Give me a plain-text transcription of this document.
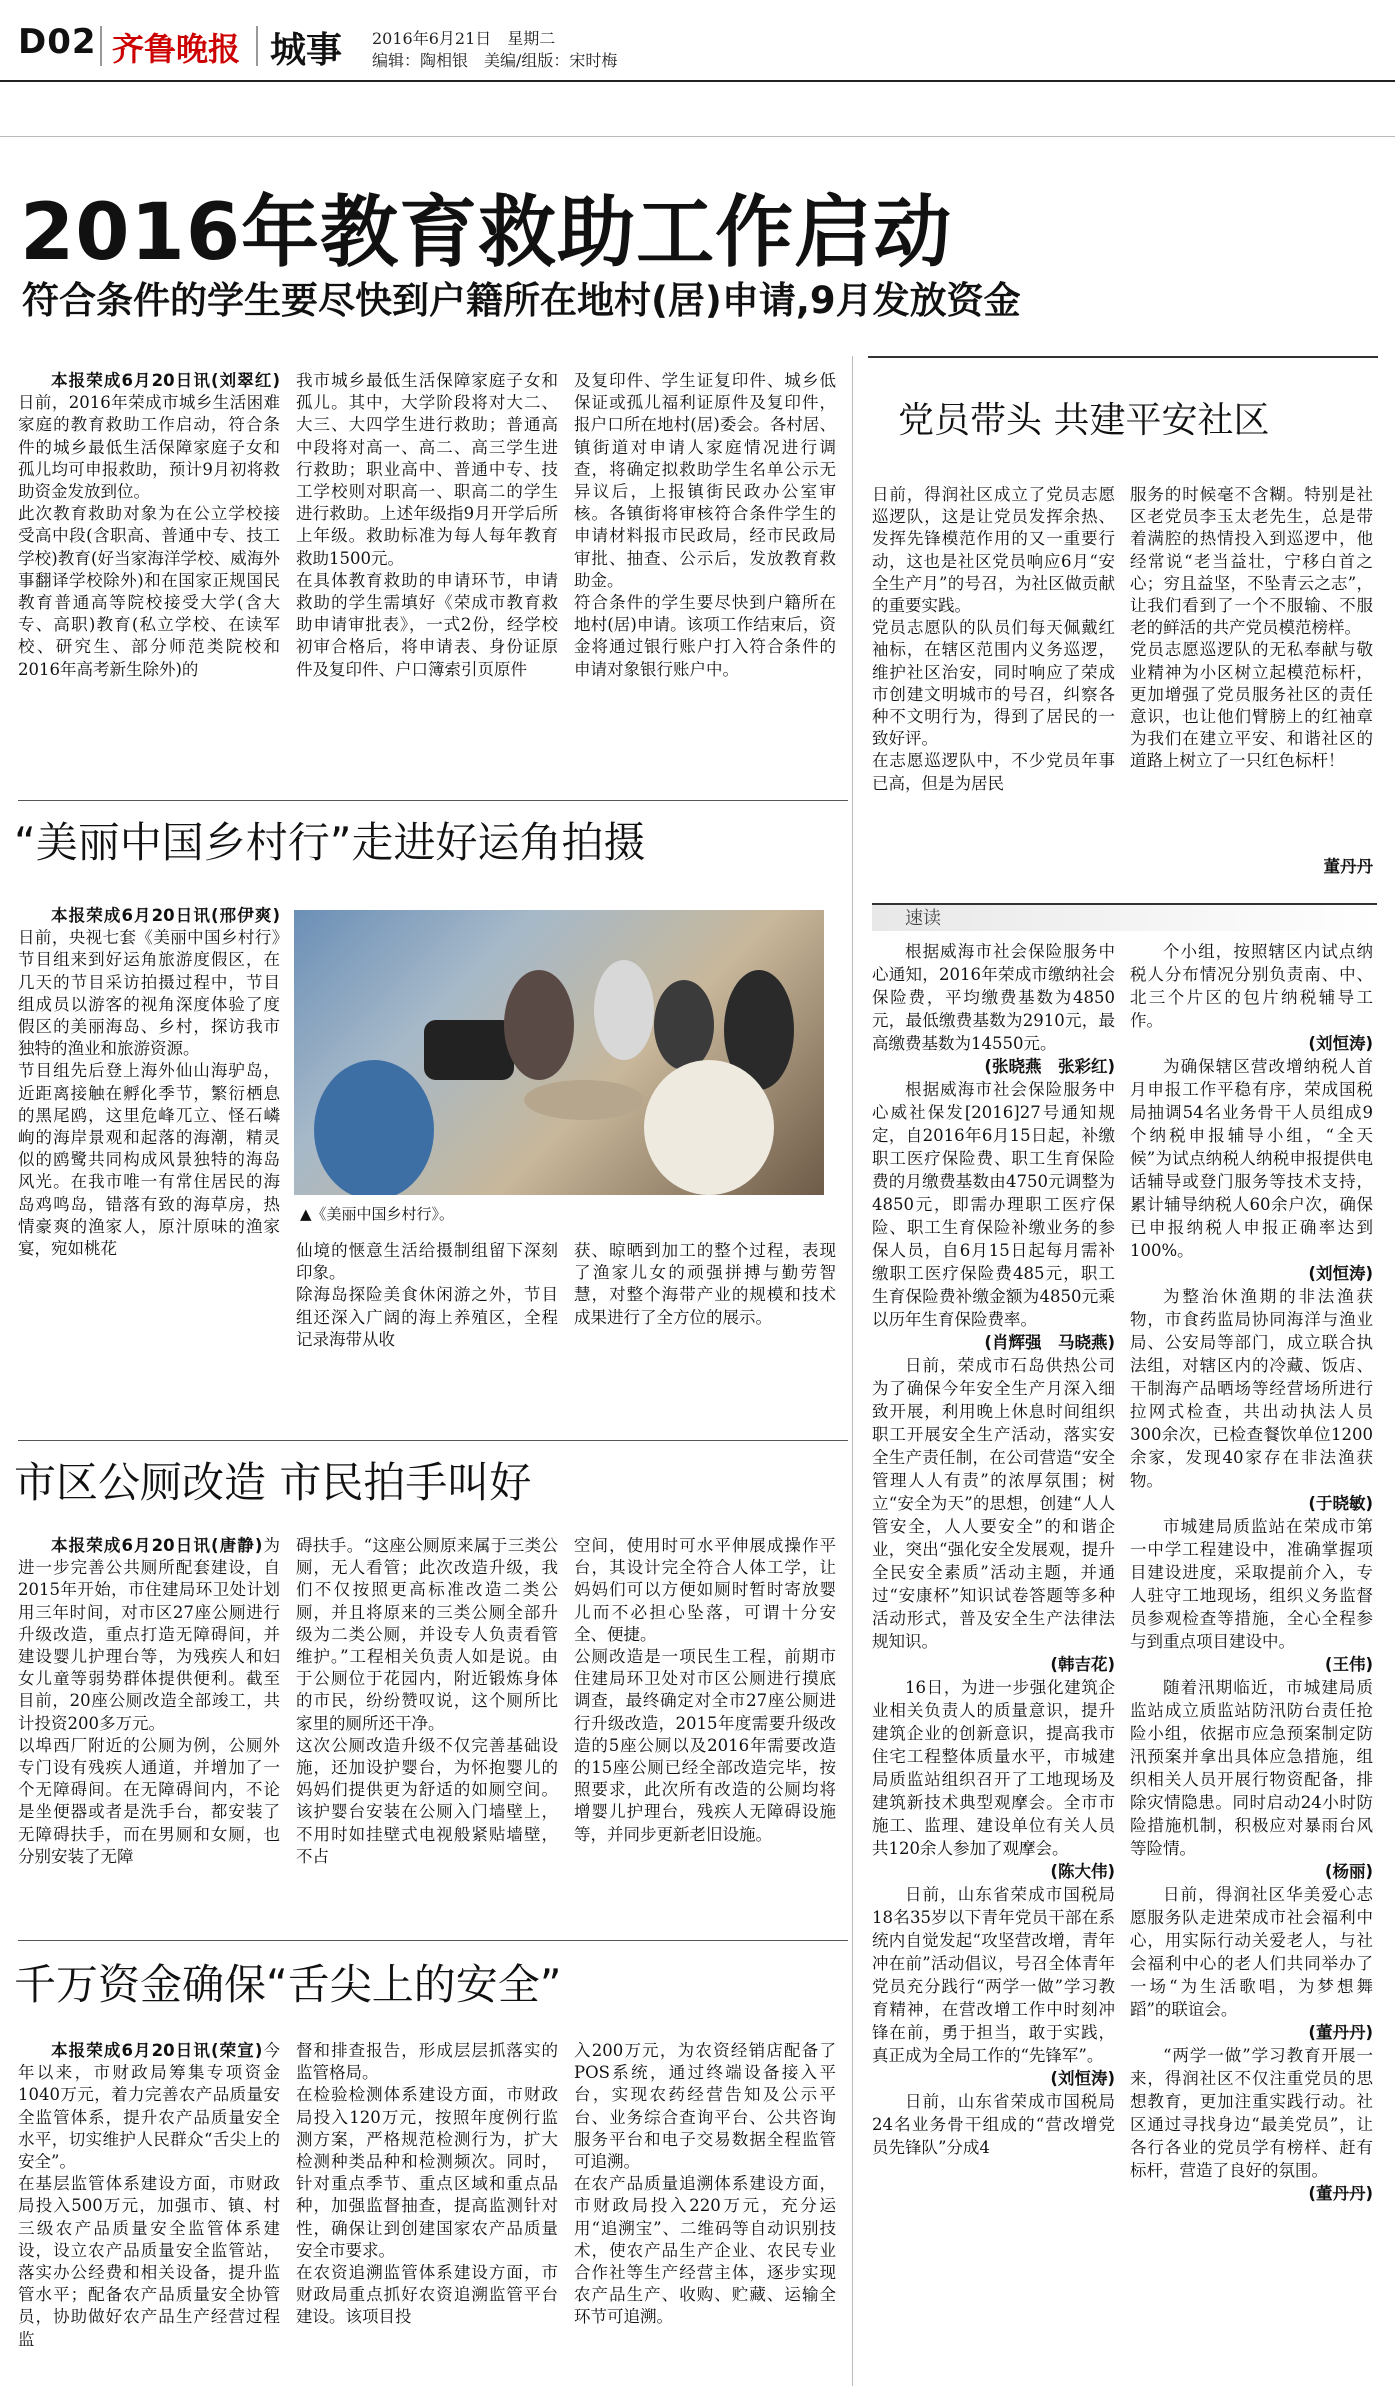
D02 齐鲁晚报 城事 2016年6月21日　星期二
编辑：陶相银　美编/组版：宋时梅
2016年教育救助工作启动
符合条件的学生要尽快到户籍所在地村(居)申请,9月发放资金
本报荣成6月20日讯(刘翠红)日前，2016年荣成市城乡生活困难家庭的教育救助工作启动，符合条件的城乡最低生活保障家庭子女和孤儿均可申报救助，预计9月初将救助资金发放到位。
此次教育救助对象为在公立学校接受高中段(含职高、普通中专、技工学校)教育(好当家海洋学校、威海外事翻译学校除外)和在国家正规国民教育普通高等院校接受大学(含大专、高职)教育(私立学校、在读军校、研究生、部分师范类院校和2016年高考新生除外)的
我市城乡最低生活保障家庭子女和孤儿。其中，大学阶段将对大二、大三、大四学生进行救助；普通高中段将对高一、高二、高三学生进行救助；职业高中、普通中专、技工学校则对职高一、职高二的学生进行救助。上述年级指9月开学后所上年级。救助标准为每人每年教育救助1500元。
在具体教育救助的申请环节，申请救助的学生需填好《荣成市教育救助申请审批表》，一式2份，经学校初审合格后，将申请表、身份证原件及复印件、户口簿索引页原件
及复印件、学生证复印件、城乡低保证或孤儿福利证原件及复印件，报户口所在地村(居)委会。各村居、镇街道对申请人家庭情况进行调查，将确定拟救助学生名单公示无异议后，上报镇街民政办公室审核。各镇街将审核符合条件学生的申请材料报市民政局，经市民政局审批、抽查、公示后，发放教育救助金。
符合条件的学生要尽快到户籍所在地村(居)申请。该项工作结束后，资金将通过银行账户打入符合条件的申请对象银行账户中。
党员带头 共建平安社区
日前，得润社区成立了党员志愿巡逻队，这是让党员发挥余热、发挥先锋模范作用的又一重要行动，这也是社区党员响应6月“安全生产月”的号召，为社区做贡献的重要实践。
党员志愿队的队员们每天佩戴红袖标，在辖区范围内义务巡逻，维护社区治安，同时响应了荣成市创建文明城市的号召，纠察各种不文明行为，得到了居民的一致好评。
在志愿巡逻队中，不少党员年事已高，但是为居民
服务的时候毫不含糊。特别是社区老党员李玉太老先生，总是带着满腔的热情投入到巡逻中，他经常说“老当益壮，宁移白首之心；穷且益坚，不坠青云之志”，让我们看到了一个不服输、不服老的鲜活的共产党员模范榜样。
党员志愿巡逻队的无私奉献与敬业精神为小区树立起模范标杆，更加增强了党员服务社区的责任意识，也让他们臂膀上的红袖章为我们在建立平安、和谐社区的道路上树立了一只红色标杆！
董丹丹
“美丽中国乡村行”走进好运角拍摄
本报荣成6月20日讯(邢伊爽)日前，央视七套《美丽中国乡村行》节目组来到好运角旅游度假区，在几天的节目采访拍摄过程中，节目组成员以游客的视角深度体验了度假区的美丽海岛、乡村，探访我市独特的渔业和旅游资源。
节目组先后登上海外仙山海驴岛，近距离接触在孵化季节，繁衍栖息的黑尾鸥，这里危峰兀立、怪石嶙峋的海岸景观和起落的海潮，精灵似的鸥鹭共同构成风景独特的海岛风光。在我市唯一有常住居民的海岛鸡鸣岛，错落有致的海草房，热情豪爽的渔家人，原汁原味的渔家宴，宛如桃花
▲《美丽中国乡村行》。
仙境的惬意生活给摄制组留下深刻印象。
除海岛探险美食休闲游之外，节目组还深入广阔的海上养殖区，全程记录海带从收
获、晾晒到加工的整个过程，表现了渔家儿女的顽强拼搏与勤劳智慧，对整个海带产业的规模和技术成果进行了全方位的展示。
市区公厕改造 市民拍手叫好
本报荣成6月20日讯(唐静)为进一步完善公共厕所配套建设，自2015年开始，市住建局环卫处计划用三年时间，对市区27座公厕进行升级改造，重点打造无障碍间，并建设婴儿护理台等，为残疾人和妇女儿童等弱势群体提供便利。截至目前，20座公厕改造全部竣工，共计投资200多万元。
以埠西厂附近的公厕为例，公厕外专门设有残疾人通道，并增加了一个无障碍间。在无障碍间内，不论是坐便器或者是洗手台，都安装了无障碍扶手，而在男厕和女厕，也分别安装了无障
碍扶手。“这座公厕原来属于三类公厕，无人看管；此次改造升级，我们不仅按照更高标准改造二类公厕，并且将原来的三类公厕全部升级为二类公厕，并设专人负责看管维护。”工程相关负责人如是说。由于公厕位于花园内，附近锻炼身体的市民，纷纷赞叹说，这个厕所比家里的厕所还干净。
这次公厕改造升级不仅完善基础设施，还加设护婴台，为怀抱婴儿的妈妈们提供更为舒适的如厕空间。该护婴台安装在公厕入门墙壁上，不用时如挂壁式电视般紧贴墙壁，不占
空间，使用时可水平伸展成操作平台，其设计完全符合人体工学，让妈妈们可以方便如厕时暂时寄放婴儿而不必担心坠落，可谓十分安全、便捷。
公厕改造是一项民生工程，前期市住建局环卫处对市区公厕进行摸底调查，最终确定对全市27座公厕进行升级改造，2015年度需要升级改造的5座公厕以及2016年需要改造的15座公厕已经全部改造完毕，按照要求，此次所有改造的公厕均将增婴儿护理台，残疾人无障碍设施等，并同步更新老旧设施。
千万资金确保“舌尖上的安全”
本报荣成6月20日讯(荣宣)今年以来，市财政局筹集专项资金1040万元，着力完善农产品质量安全监管体系，提升农产品质量安全水平，切实维护人民群众“舌尖上的安全”。
在基层监管体系建设方面，市财政局投入500万元，加强市、镇、村三级农产品质量安全监管体系建设，设立农产品质量安全监管站，落实办公经费和相关设备，提升监管水平；配备农产品质量安全协管员，协助做好农产品生产经营过程监
督和排查报告，形成层层抓落实的监管格局。
在检验检测体系建设方面，市财政局投入120万元，按照年度例行监测方案，严格规范检测行为，扩大检测种类品种和检测频次。同时，针对重点季节、重点区域和重点品种，加强监督抽查，提高监测针对性，确保让到创建国家农产品质量安全市要求。
在农资追溯监管体系建设方面，市财政局重点抓好农资追溯监管平台建设。该项目投
入200万元，为农资经销店配备了POS系统，通过终端设备接入平台，实现农药经营告知及公示平台、业务综合查询平台、公共咨询服务平台和电子交易数据全程监管可追溯。
在农产品质量追溯体系建设方面，市财政局投入220万元，充分运用“追溯宝”、二维码等自动识别技术，使农产品生产企业、农民专业合作社等生产经营主体，逐步实现农产品生产、收购、贮藏、运输全环节可追溯。
速读

根据威海市社会保险服务中心通知，2016年荣成市缴纳社会保险费，平均缴费基数为4850元，最低缴费基数为2910元，最高缴费基数为14550元。

(张晓燕　张彩红)

根据威海市社会保险服务中心威社保发[2016]27号通知规定，自2016年6月15日起，补缴职工医疗保险费、职工生育保险费的月缴费基数由4750元调整为4850元，即需办理职工医疗保险、职工生育保险补缴业务的参保人员，自6月15日起每月需补缴职工医疗保险费485元，职工生育保险费补缴金额为4850元乘以历年生育保险费率。

(肖辉强　马晓燕)

日前，荣成市石岛供热公司为了确保今年安全生产月深入细致开展，利用晚上休息时间组织职工开展安全生产活动，落实安全生产责任制，在公司营造“安全管理人人有责”的浓厚氛围；树立“安全为天”的思想，创建“人人管安全，人人要安全”的和谐企业，突出“强化安全发展观，提升全民安全素质”活动主题，并通过“安康杯”知识试卷答题等多种活动形式，普及安全生产法律法规知识。

(韩吉花)

16日，为进一步强化建筑企业相关负责人的质量意识，提升建筑企业的创新意识，提高我市住宅工程整体质量水平，市城建局质监站组织召开了工地现场及建筑新技术典型观摩会。全市市施工、监理、建设单位有关人员共120余人参加了观摩会。

(陈大伟)

日前，山东省荣成市国税局18名35岁以下青年党员干部在系统内自觉发起“攻坚营改增，青年冲在前”活动倡议，号召全体青年党员充分践行“两学一做”学习教育精神，在营改增工作中时刻冲锋在前，勇于担当，敢于实践，真正成为全局工作的“先锋军”。

(刘恒涛)

日前，山东省荣成市国税局24名业务骨干组成的“营改增党员先锋队”分成4

个小组，按照辖区内试点纳税人分布情况分别负责南、中、北三个片区的包片纳税辅导工作。

(刘恒涛)

为确保辖区营改增纳税人首月申报工作平稳有序，荣成国税局抽调54名业务骨干人员组成9个纳税申报辅导小组，“全天候”为试点纳税人纳税申报提供电话辅导或登门服务等技术支持，累计辅导纳税人60余户次，确保已申报纳税人申报正确率达到100%。

(刘恒涛)

为整治休渔期的非法渔获物，市食药监局协同海洋与渔业局、公安局等部门，成立联合执法组，对辖区内的冷藏、饭店、干制海产品晒场等经营场所进行拉网式检查，共出动执法人员300余次，已检查餐饮单位1200余家，发现40家存在非法渔获物。

(于晓敏)

市城建局质监站在荣成市第一中学工程建设中，准确掌握项目建设进度，采取提前介入，专人驻守工地现场，组织义务监督员参观检查等措施，全心全程参与到重点项目建设中。

(王伟)

随着汛期临近，市城建局质监站成立质监站防汛防台责任抢险小组，依据市应急预案制定防汛预案并拿出具体应急措施，组织相关人员开展行物资配备，排除灾情隐患。同时启动24小时防险措施机制，积极应对暴雨台风等险情。

(杨丽)

日前，得润社区华美爱心志愿服务队走进荣成市社会福利中心，用实际行动关爱老人，与社会福利中心的老人们共同举办了一场“为生活歌唱，为梦想舞蹈”的联谊会。

(董丹丹)

“两学一做”学习教育开展一来，得润社区不仅注重党员的思想教育，更加注重实践行动。社区通过寻找身边“最美党员”，让各行各业的党员学有榜样、赶有标杆，营造了良好的氛围。

(董丹丹)
